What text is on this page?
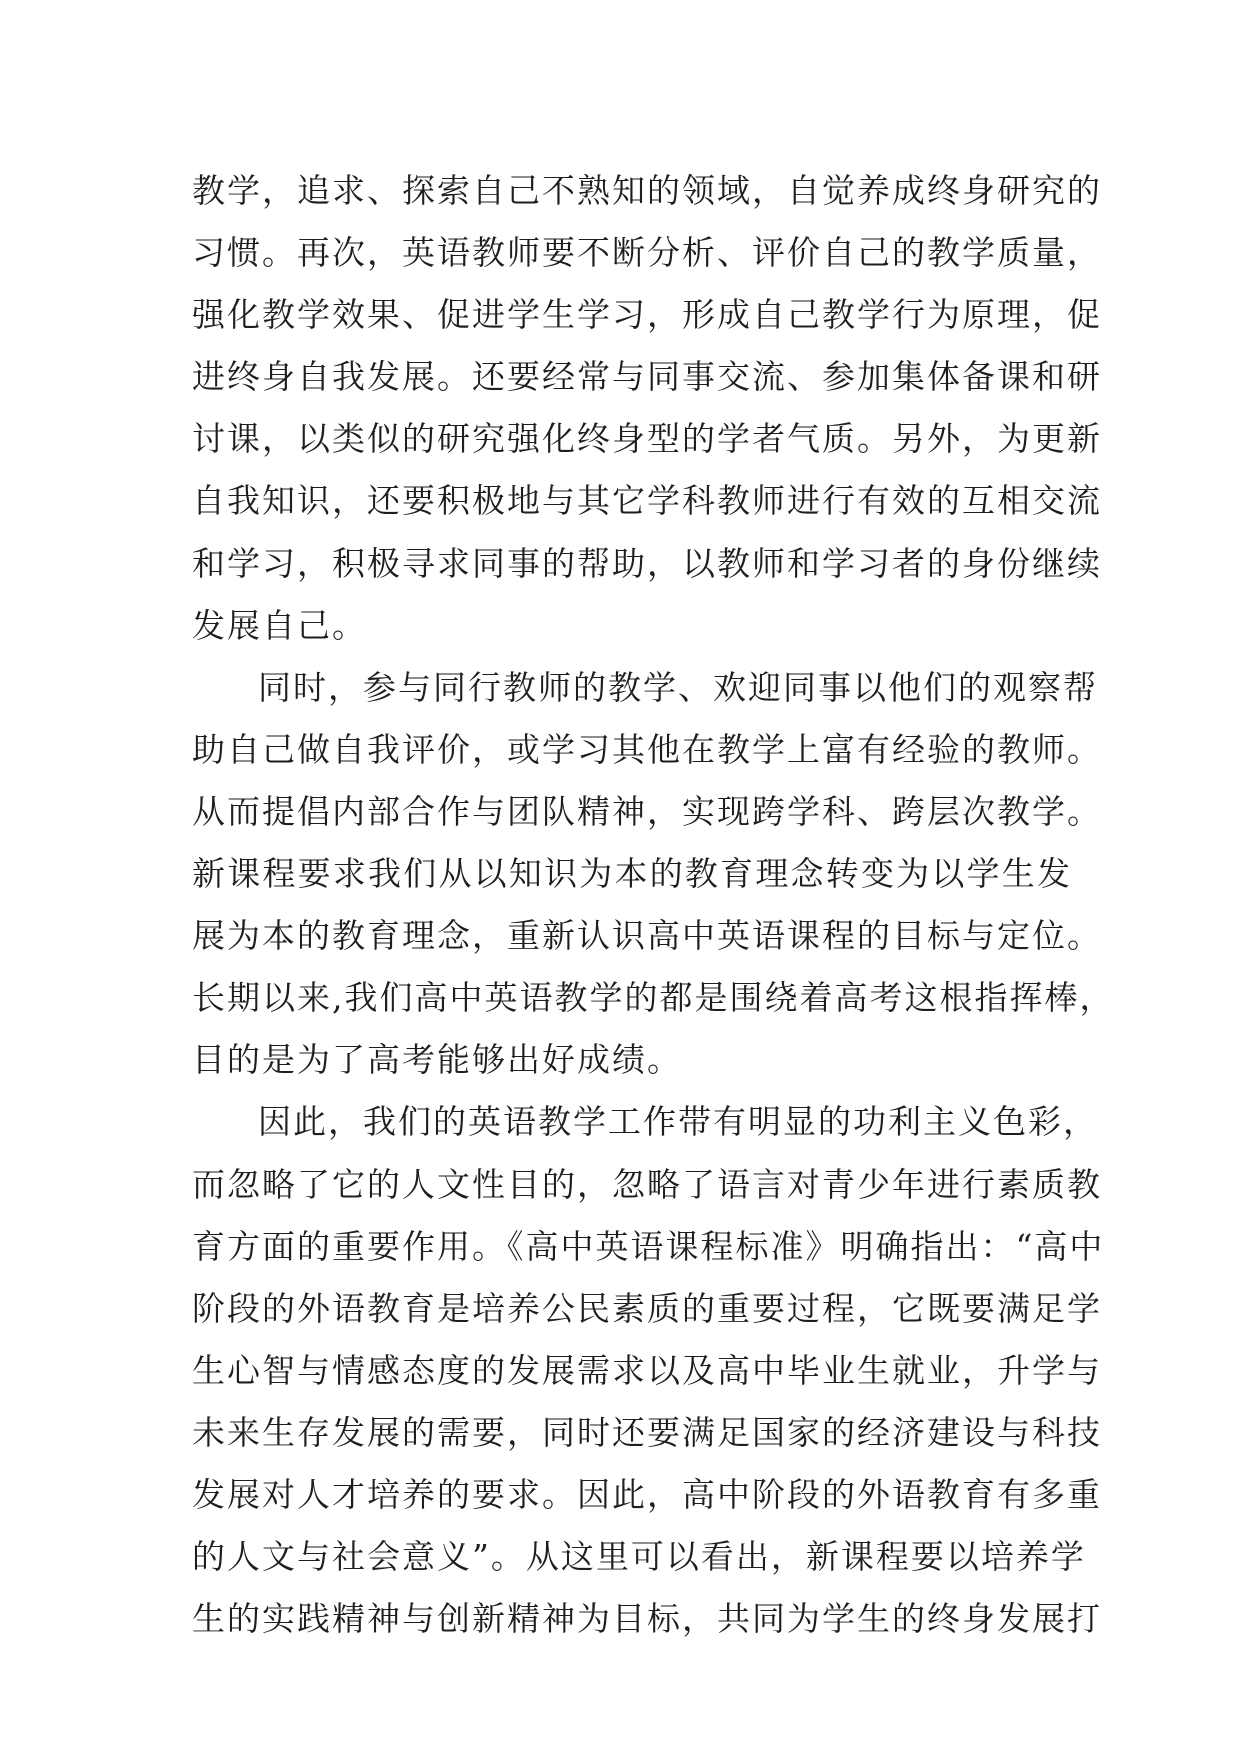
教学，追求、探索自己不熟知的领域，自觉养成终身研究的
习惯。再次，英语教师要不断分析、评价自己的教学质量，
强化教学效果、促进学生学习，形成自己教学行为原理，促
进终身自我发展。还要经常与同事交流、参加集体备课和研
讨课，以类似的研究强化终身型的学者气质。另外，为更新
自我知识，还要积极地与其它学科教师进行有效的互相交流
和学习，积极寻求同事的帮助，以教师和学习者的身份继续
发展自己。
同时，参与同行教师的教学、欢迎同事以他们的观察帮
助自己做自我评价，或学习其他在教学上富有经验的教师。
从而提倡内部合作与团队精神，实现跨学科、跨层次教学。
新课程要求我们从以知识为本的教育理念转变为以学生发
展为本的教育理念，重新认识高中英语课程的目标与定位。
长期以来,我们高中英语教学的都是围绕着高考这根指挥棒，
目的是为了高考能够出好成绩。
因此，我们的英语教学工作带有明显的功利主义色彩，
而忽略了它的人文性目的，忽略了语言对青少年进行素质教
育方面的重要作用。《高中英语课程标准》明确指出：“高中
阶段的外语教育是培养公民素质的重要过程，它既要满足学
生心智与情感态度的发展需求以及高中毕业生就业，升学与
未来生存发展的需要，同时还要满足国家的经济建设与科技
发展对人才培养的要求。因此，高中阶段的外语教育有多重
的人文与社会意义”。从这里可以看出，新课程要以培养学
生的实践精神与创新精神为目标，共同为学生的终身发展打
